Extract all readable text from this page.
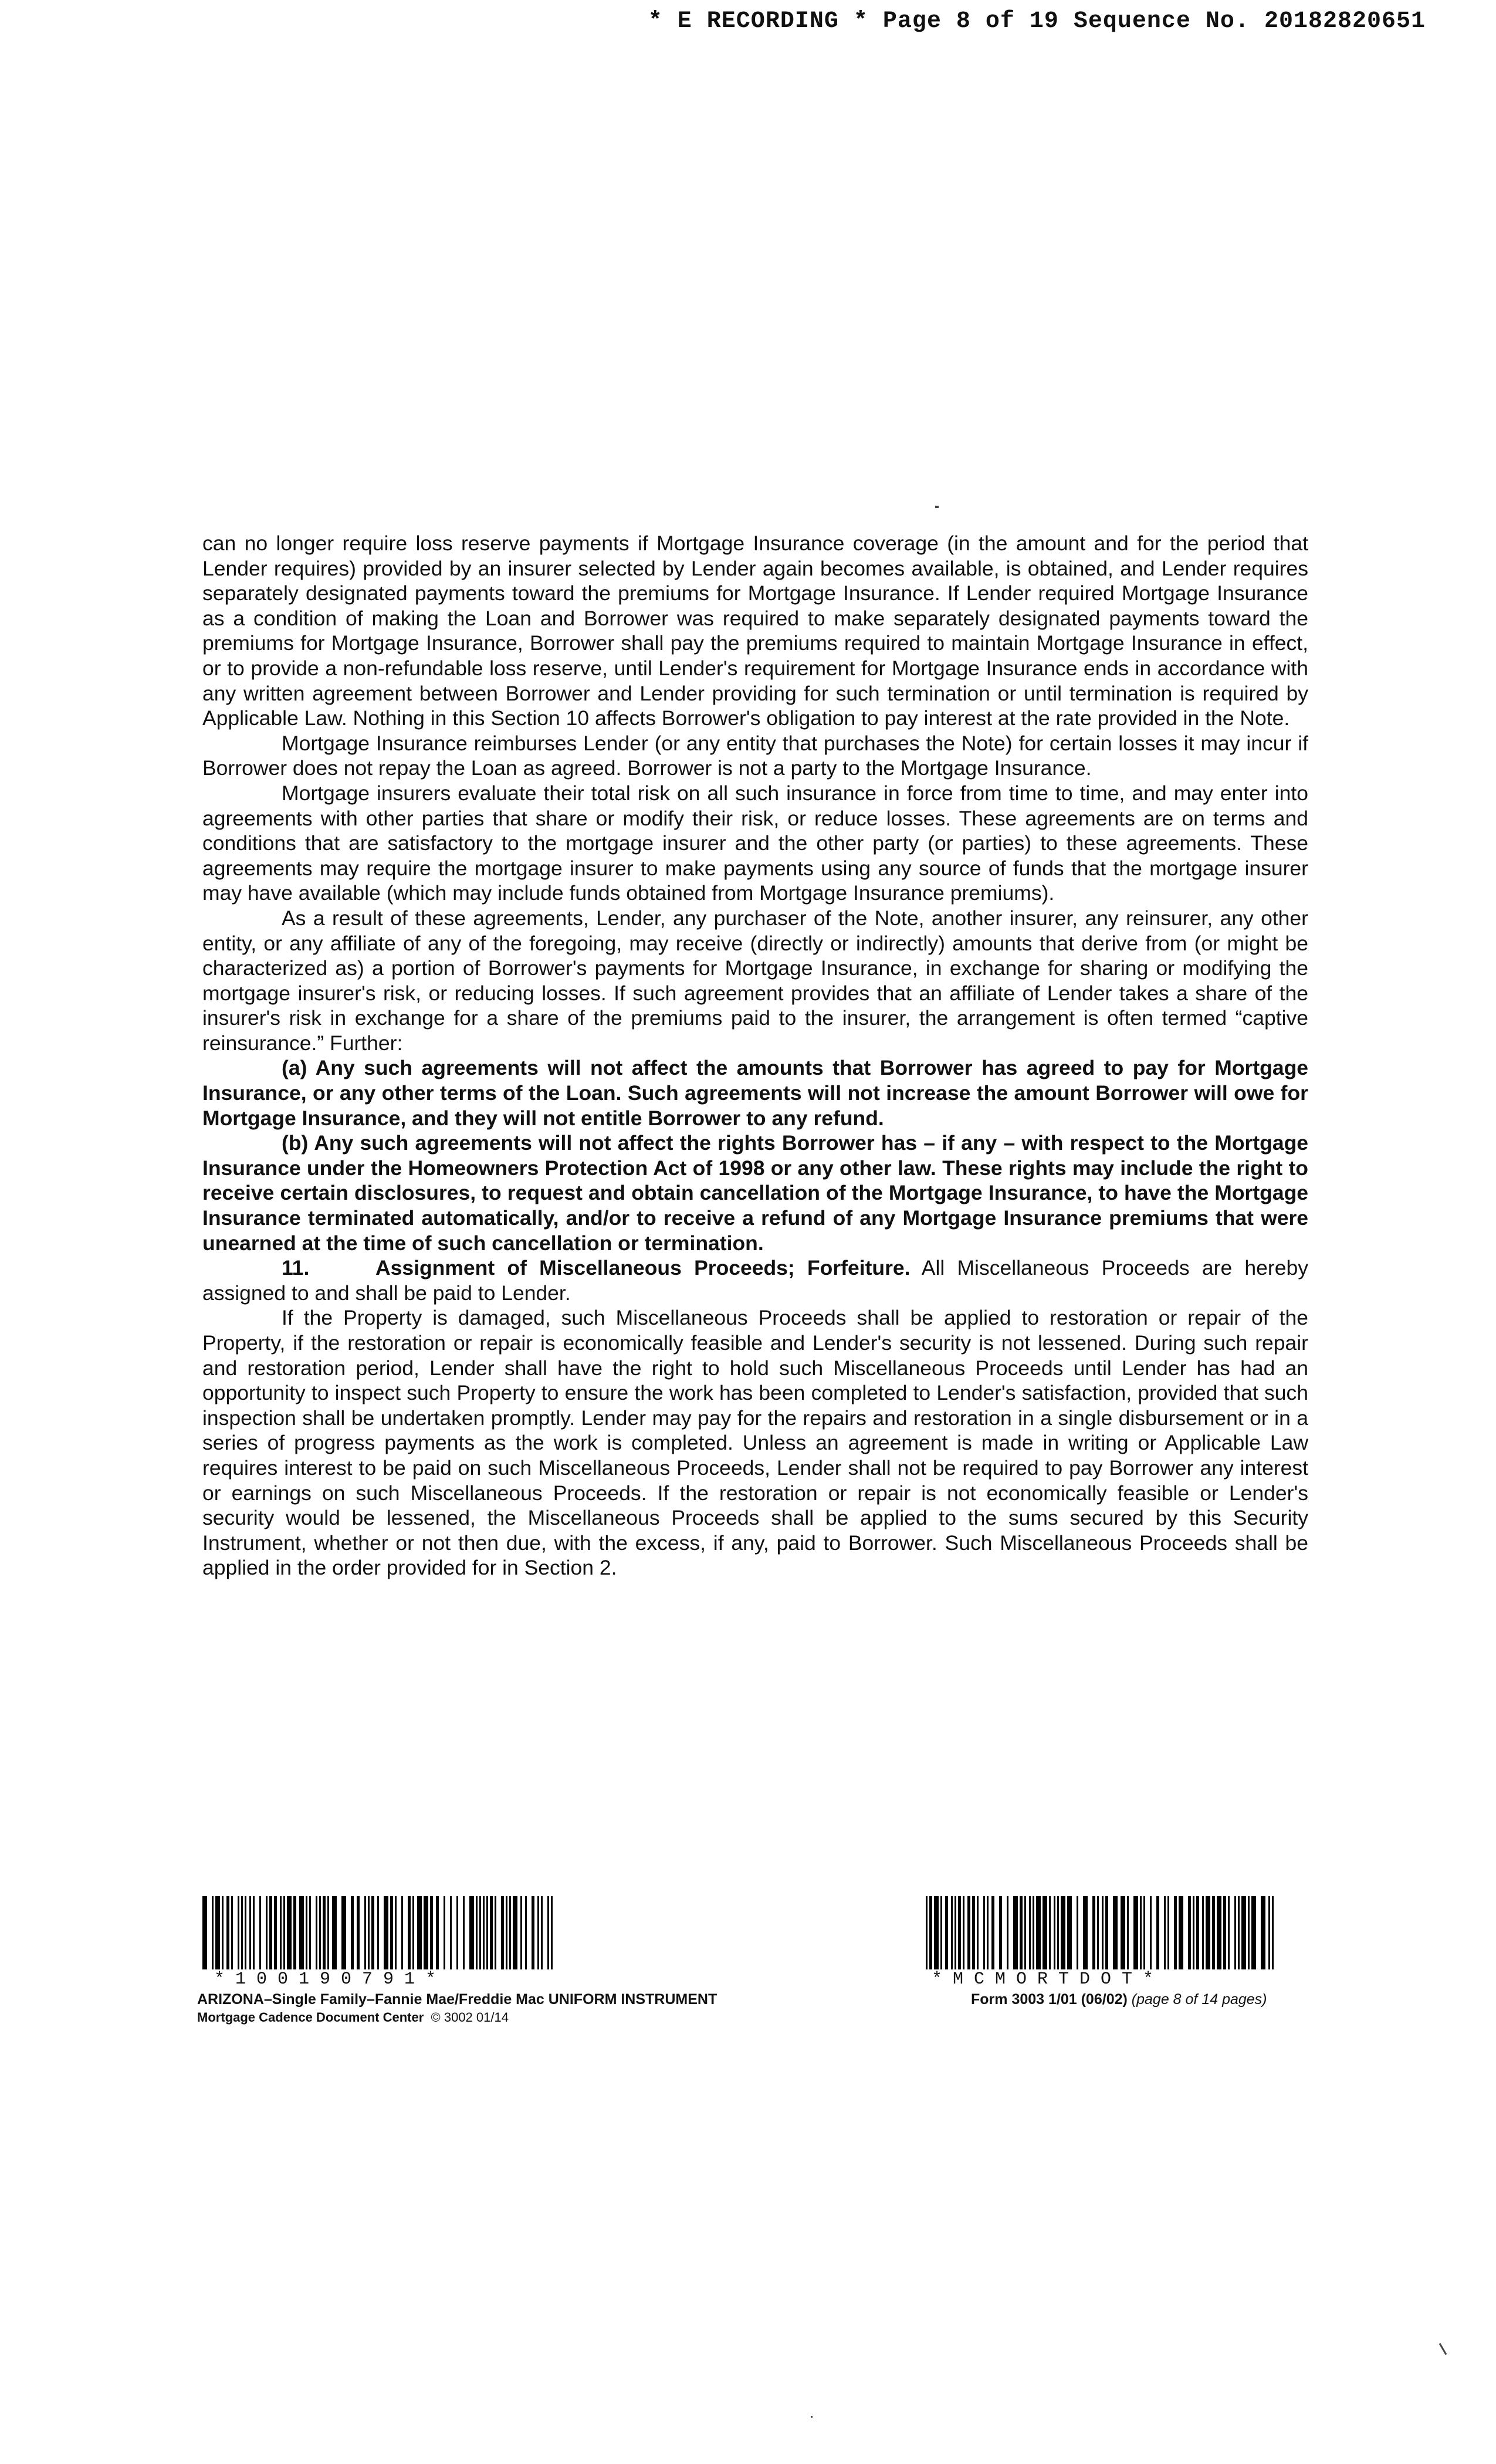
* E RECORDING * Page 8 of 19 Sequence No. 20182820651

can no longer require loss reserve payments if Mortgage Insurance coverage (in the amount and for the period that Lender requires) provided by an insurer selected by Lender again becomes available, is obtained, and Lender requires separately designated payments toward the premiums for Mortgage Insurance. If Lender required Mortgage Insurance as a condition of making the Loan and Borrower was required to make separately designated payments toward the premiums for Mortgage Insurance, Borrower shall pay the premiums required to maintain Mortgage Insurance in effect, or to provide a non-refundable loss reserve, until Lender's requirement for Mortgage Insurance ends in accordance with any written agreement between Borrower and Lender providing for such termination or until termination is required by Applicable Law. Nothing in this Section 10 affects Borrower's obligation to pay interest at the rate provided in the Note.

Mortgage Insurance reimburses Lender (or any entity that purchases the Note) for certain losses it may incur if Borrower does not repay the Loan as agreed. Borrower is not a party to the Mortgage Insurance.

Mortgage insurers evaluate their total risk on all such insurance in force from time to time, and may enter into agreements with other parties that share or modify their risk, or reduce losses. These agreements are on terms and conditions that are satisfactory to the mortgage insurer and the other party (or parties) to these agreements. These agreements may require the mortgage insurer to make payments using any source of funds that the mortgage insurer may have available (which may include funds obtained from Mortgage Insurance premiums).

As a result of these agreements, Lender, any purchaser of the Note, another insurer, any reinsurer, any other entity, or any affiliate of any of the foregoing, may receive (directly or indirectly) amounts that derive from (or might be characterized as) a portion of Borrower's payments for Mortgage Insurance, in exchange for sharing or modifying the mortgage insurer's risk, or reducing losses. If such agreement provides that an affiliate of Lender takes a share of the insurer's risk in exchange for a share of the premiums paid to the insurer, the arrangement is often termed “captive reinsurance.” Further:

(a) Any such agreements will not affect the amounts that Borrower has agreed to pay for Mortgage Insurance, or any other terms of the Loan. Such agreements will not increase the amount Borrower will owe for Mortgage Insurance, and they will not entitle Borrower to any refund.

(b) Any such agreements will not affect the rights Borrower has – if any – with respect to the Mortgage Insurance under the Homeowners Protection Act of 1998 or any other law. These rights may include the right to receive certain disclosures, to request and obtain cancellation of the Mortgage Insurance, to have the Mortgage Insurance terminated automatically, and/or to receive a refund of any Mortgage Insurance premiums that were unearned at the time of such cancellation or termination.

11.	Assignment of Miscellaneous Proceeds; Forfeiture. All Miscellaneous Proceeds are hereby assigned to and shall be paid to Lender.

If the Property is damaged, such Miscellaneous Proceeds shall be applied to restoration or repair of the Property, if the restoration or repair is economically feasible and Lender's security is not lessened. During such repair and restoration period, Lender shall have the right to hold such Miscellaneous Proceeds until Lender has had an opportunity to inspect such Property to ensure the work has been completed to Lender's satisfaction, provided that such inspection shall be undertaken promptly. Lender may pay for the repairs and restoration in a single disbursement or in a series of progress payments as the work is completed. Unless an agreement is made in writing or Applicable Law requires interest to be paid on such Miscellaneous Proceeds, Lender shall not be required to pay Borrower any interest or earnings on such Miscellaneous Proceeds. If the restoration or repair is not economically feasible or Lender's security would be lessened, the Miscellaneous Proceeds shall be applied to the sums secured by this Security Instrument, whether or not then due, with the excess, if any, paid to Borrower. Such Miscellaneous Proceeds shall be applied in the order provided for in Section 2.

* 1 0 0 1 9 0 7 9 1 *	* M C M O R T D O T *
ARIZONA–Single Family–Fannie Mae/Freddie Mac UNIFORM INSTRUMENT
Mortgage Cadence Document Center © 3002 01/14
Form 3003 1/01 (06/02) (page 8 of 14 pages)
